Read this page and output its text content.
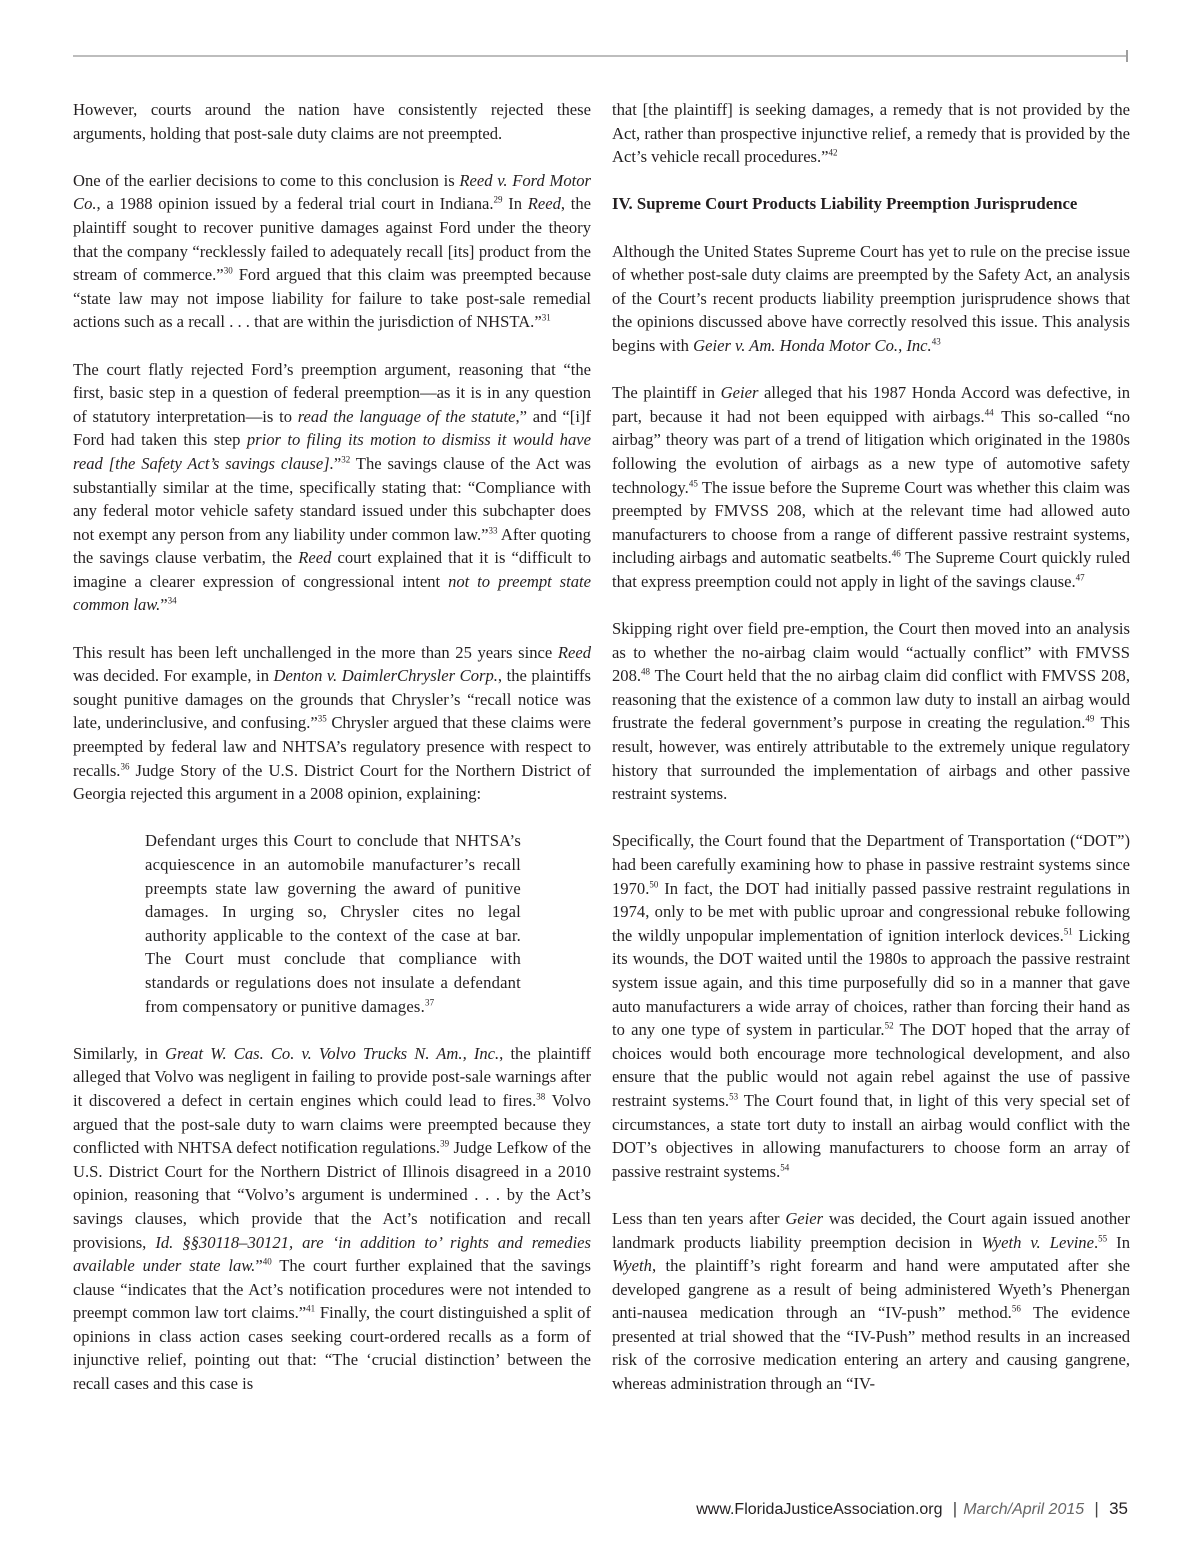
However, courts around the nation have consistently rejected these arguments, holding that post-sale duty claims are not preempted.

One of the earlier decisions to come to this conclusion is Reed v. Ford Motor Co., a 1988 opinion issued by a federal trial court in Indiana.$^{29}$ In Reed, the plaintiff sought to recover punitive damages against Ford under the theory that the company “recklessly failed to adequately recall [its] product from the stream of commerce.”$^{30}$ Ford argued that this claim was preempted because “state law may not impose liability for failure to take post-sale remedial actions such as a recall . . . that are within the jurisdiction of NHSTA.”$^{31}$

The court flatly rejected Ford’s preemption argument, reasoning that “the first, basic step in a question of federal preemption—as it is in any question of statutory interpretation—is to read the language of the statute,” and “[i]f Ford had taken this step prior to filing its motion to dismiss it would have read [the Safety Act’s savings clause].”$^{32}$ The savings clause of the Act was substantially similar at the time, specifically stating that: “Compliance with any federal motor vehicle safety standard issued under this subchapter does not exempt any person from any liability under common law.”$^{33}$ After quoting the savings clause verbatim, the Reed court explained that it is “difficult to imagine a clearer expression of congressional intent not to preempt state common law.”$^{34}$

This result has been left unchallenged in the more than 25 years since Reed was decided. For example, in Denton v. DaimlerChrysler Corp., the plaintiffs sought punitive damages on the grounds that Chrysler’s “recall notice was late, underinclusive, and confusing.”$^{35}$ Chrysler argued that these claims were preempted by federal law and NHTSA’s regulatory presence with respect to recalls.$^{36}$ Judge Story of the U.S. District Court for the Northern District of Georgia rejected this argument in a 2008 opinion, explaining:

Defendant urges this Court to conclude that NHTSA’s acquiescence in an automobile manufacturer’s recall preempts state law governing the award of punitive damages. In urging so, Chrysler cites no legal authority applicable to the context of the case at bar. The Court must conclude that compliance with standards or regulations does not insulate a defendant from compensatory or punitive damages.$^{37}$

Similarly, in Great W. Cas. Co. v. Volvo Trucks N. Am., Inc., the plaintiff alleged that Volvo was negligent in failing to provide post-sale warnings after it discovered a defect in certain engines which could lead to fires.$^{38}$ Volvo argued that the post-sale duty to warn claims were preempted because they conflicted with NHTSA defect notification regulations.$^{39}$ Judge Lefkow of the U.S. District Court for the Northern District of Illinois disagreed in a 2010 opinion, reasoning that “Volvo’s argument is undermined . . . by the Act’s savings clauses, which provide that the Act’s notification and recall provisions, Id. §§30118–30121, are ‘in addition to’ rights and remedies available under state law.”$^{40}$ The court further explained that the savings clause “indicates that the Act’s notification procedures were not intended to preempt common law tort claims.”$^{41}$ Finally, the court distinguished a split of opinions in class action cases seeking court-ordered recalls as a form of injunctive relief, pointing out that: “The ‘crucial distinction’ between the recall cases and this case is

that [the plaintiff] is seeking damages, a remedy that is not provided by the Act, rather than prospective injunctive relief, a remedy that is provided by the Act’s vehicle recall procedures.”$^{42}$

IV. Supreme Court Products Liability Preemption Jurisprudence

Although the United States Supreme Court has yet to rule on the precise issue of whether post-sale duty claims are preempted by the Safety Act, an analysis of the Court’s recent products liability preemption jurisprudence shows that the opinions discussed above have correctly resolved this issue. This analysis begins with Geier v. Am. Honda Motor Co., Inc.$^{43}$

The plaintiff in Geier alleged that his 1987 Honda Accord was defective, in part, because it had not been equipped with airbags.$^{44}$ This so-called “no airbag” theory was part of a trend of litigation which originated in the 1980s following the evolution of airbags as a new type of automotive safety technology.$^{45}$ The issue before the Supreme Court was whether this claim was preempted by FMVSS 208, which at the relevant time had allowed auto manufacturers to choose from a range of different passive restraint systems, including airbags and automatic seatbelts.$^{46}$ The Supreme Court quickly ruled that express preemption could not apply in light of the savings clause.$^{47}$

Skipping right over field pre-emption, the Court then moved into an analysis as to whether the no-airbag claim would “actually conflict” with FMVSS 208.48 The Court held that the no airbag claim did conflict with FMVSS 208, reasoning that the existence of a common law duty to install an airbag would frustrate the federal government’s purpose in creating the regulation.$^{49}$ This result, however, was entirely attributable to the extremely unique regulatory history that surrounded the implementation of airbags and other passive restraint systems.

Specifically, the Court found that the Department of Transportation (“DOT”) had been carefully examining how to phase in passive restraint systems since 1970.50 In fact, the DOT had initially passed passive restraint regulations in 1974, only to be met with public uproar and congressional rebuke following the wildly unpopular implementation of ignition interlock devices.$^{51}$ Licking its wounds, the DOT waited until the 1980s to approach the passive restraint system issue again, and this time purposefully did so in a manner that gave auto manufacturers a wide array of choices, rather than forcing their hand as to any one type of system in particular.$^{52}$ The DOT hoped that the array of choices would both encourage more technological development, and also ensure that the public would not again rebel against the use of passive restraint systems.$^{53}$ The Court found that, in light of this very special set of circumstances, a state tort duty to install an airbag would conflict with the DOT’s objectives in allowing manufacturers to choose form an array of passive restraint systems.$^{54}$

Less than ten years after Geier was decided, the Court again issued another landmark products liability preemption decision in Wyeth v. Levine.$^{55}$ In Wyeth, the plaintiff’s right forearm and hand were amputated after she developed gangrene as a result of being administered Wyeth’s Phenergan anti-nausea medication through an “IV-push” method.$^{56}$ The evidence presented at trial showed that the “IV-Push” method results in an increased risk of the corrosive medication entering an artery and causing gangrene, whereas administration through an “IV-

www.FloridaJusticeAssociation.org | March/April 2015 | 35
